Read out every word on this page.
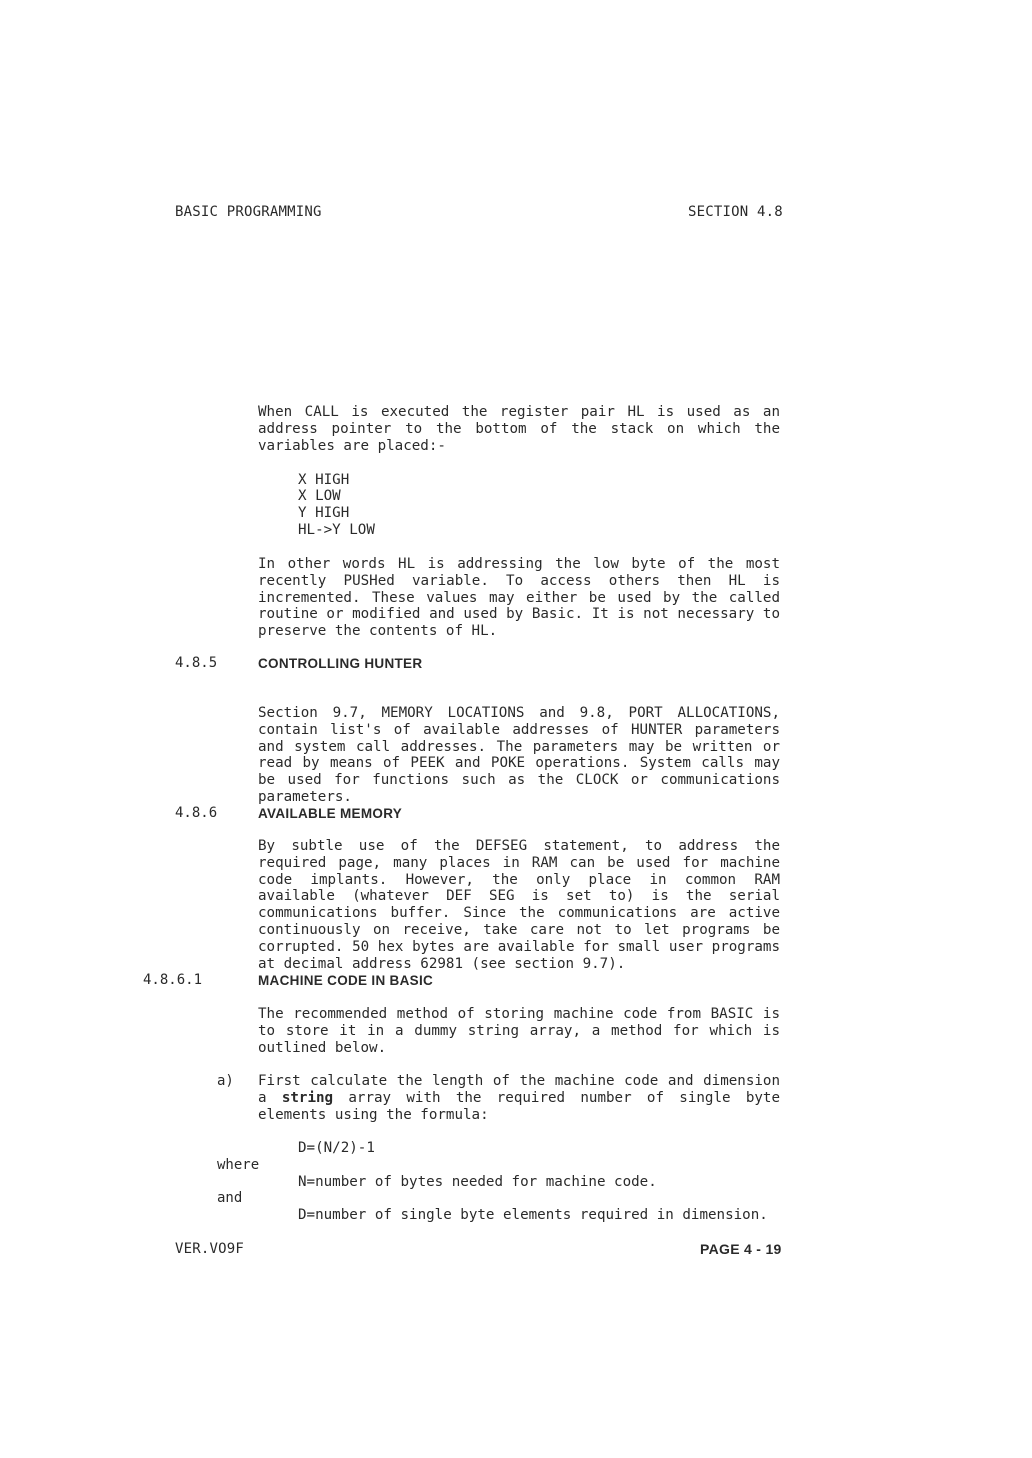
BASIC PROGRAMMING	SECTION 4.8

When CALL is executed the register pair HL is used as an address pointer to the bottom of the stack on which the variables are placed:-

X HIGH
X LOW
Y HIGH
HL->Y LOW

In other words HL is addressing the low byte of the most recently PUSHed variable. To access others then HL is incremented. These values may either be used by the called routine or modified and used by Basic. It is not necessary to preserve the contents of HL.

4.8.5	CONTROLLING HUNTER

Section 9.7, MEMORY LOCATIONS and 9.8, PORT ALLOCATIONS, contain list's of available addresses of HUNTER parameters and system call addresses. The parameters may be written or read by means of PEEK and POKE operations. System calls may be used for functions such as the CLOCK or communications parameters.

4.8.6	AVAILABLE MEMORY

By subtle use of the DEFSEG statement, to address the required page, many places in RAM can be used for machine code implants. However, the only place in common RAM available (whatever DEF SEG is set to) is the serial communications buffer. Since the communications are active continuously on receive, take care not to let programs be corrupted. 50 hex bytes are available for small user programs at decimal address 62981 (see section 9.7).

4.8.6.1	MACHINE CODE IN BASIC

The recommended method of storing machine code from BASIC is to store it in a dummy string array, a method for which is outlined below.

a) First calculate the length of the machine code and dimension a string array with the required number of single byte elements using the formula:

D=(N/2)-1
where
N=number of bytes needed for machine code.
and
D=number of single byte elements required in dimension.
VER.VO9F	PAGE 4 - 19
